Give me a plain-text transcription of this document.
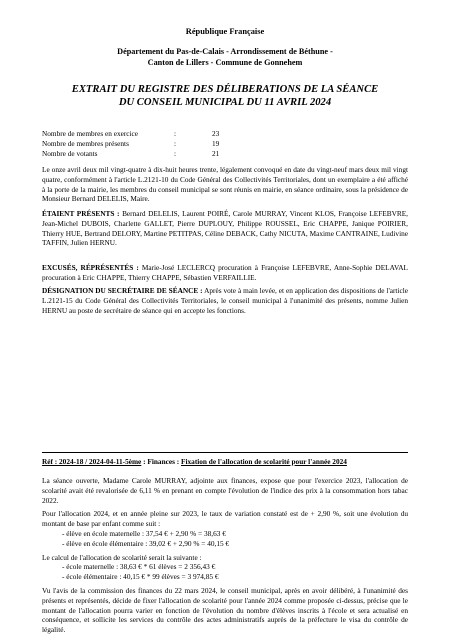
République Française
Département du Pas-de-Calais - Arrondissement de Béthune -
Canton de Lillers - Commune de Gonnehem
EXTRAIT DU REGISTRE DES DÉLIBERATIONS DE LA SÉANCE
DU CONSEIL MUNICIPAL DU 11 AVRIL 2024
Nombre de membres en exercice	:	23
Nombre de membres présents	:	19
Nombre de votants	:	21

Le onze avril deux mil vingt-quatre à dix-huit heures trente, légalement convoqué en date du vingt-neuf mars deux mil vingt quatre, conformément à l'article L.2121-10 du Code Général des Collectivités Territoriales, dont un exemplaire a été affiché à la porte de la mairie, les membres du conseil municipal se sont réunis en mairie, en séance ordinaire, sous la présidence de Monsieur Bernard DELELIS, Maire.

ÉTAIENT PRÉSENTS : Bernard DELELIS, Laurent POIRÉ, Carole MURRAY, Vincent KLOS, Françoise LEFEBVRE, Jean-Michel DUBOIS, Charlette GALLET, Pierre DUPLOUY, Philippe ROUSSEL, Eric CHAPPE, Janique POIRIER, Thierry HUE, Bertrand DELORY, Martine PETITPAS, Céline DEBACK, Cathy NICUTA, Maxime CANTRAINE, Ludivine TAFFIN, Julien HERNU.

EXCUSÉS, RÉPRÉSENTÉS : Marie-José LECLERCQ procuration à Françoise LEFEBVRE, Anne-Sophie DELAVAL procuration à Eric CHAPPE, Thierry CHAPPE, Sébastien VERFAILLIE.

DÉSIGNATION DU SECRÉTAIRE DE SÉANCE : Après vote à main levée, et en application des dispositions de l'article L.2121-15 du Code Général des Collectivités Territoriales, le conseil municipal à l'unanimité des présents, nomme Julien HERNU au poste de secrétaire de séance qui en accepte les fonctions.

Réf : 2024-18 / 2024-04-11-5ème : Finances : Fixation de l'allocation de scolarité pour l'année 2024

La séance ouverte, Madame Carole MURRAY, adjointe aux finances, expose que pour l'exercice 2023, l'allocation de scolarité avait été revalorisée de 6,11 % en prenant en compte l'évolution de l'indice des prix à la consommation hors tabac 2022.

Pour l'allocation 2024, et en année pleine sur 2023, le taux de variation constaté est de + 2,90 %, soit une évolution du montant de base par enfant comme suit :

- élève en école maternelle : 37,54 € + 2,90 % = 38,63 €
- élève en école élémentaire : 39,02 € + 2,90 % = 40,15 €

Le calcul de l'allocation de scolarité serait la suivante :

- école maternelle : 38,63 € * 61 élèves = 2 356,43 €
- école élémentaire : 40,15 € * 99 élèves = 3 974,85 €

Vu l'avis de la commission des finances du 22 mars 2024, le conseil municipal, après en avoir délibéré, à l'unanimité des présents et représentés, décide de fixer l'allocation de scolarité pour l'année 2024 comme proposée ci-dessus, précise que le montant de l'allocation pourra varier en fonction de l'évolution du nombre d'élèves inscrits à l'école et sera actualisé en conséquence, et sollicite les services du contrôle des actes administratifs auprès de la préfecture le visa du contrôle de légalité.
